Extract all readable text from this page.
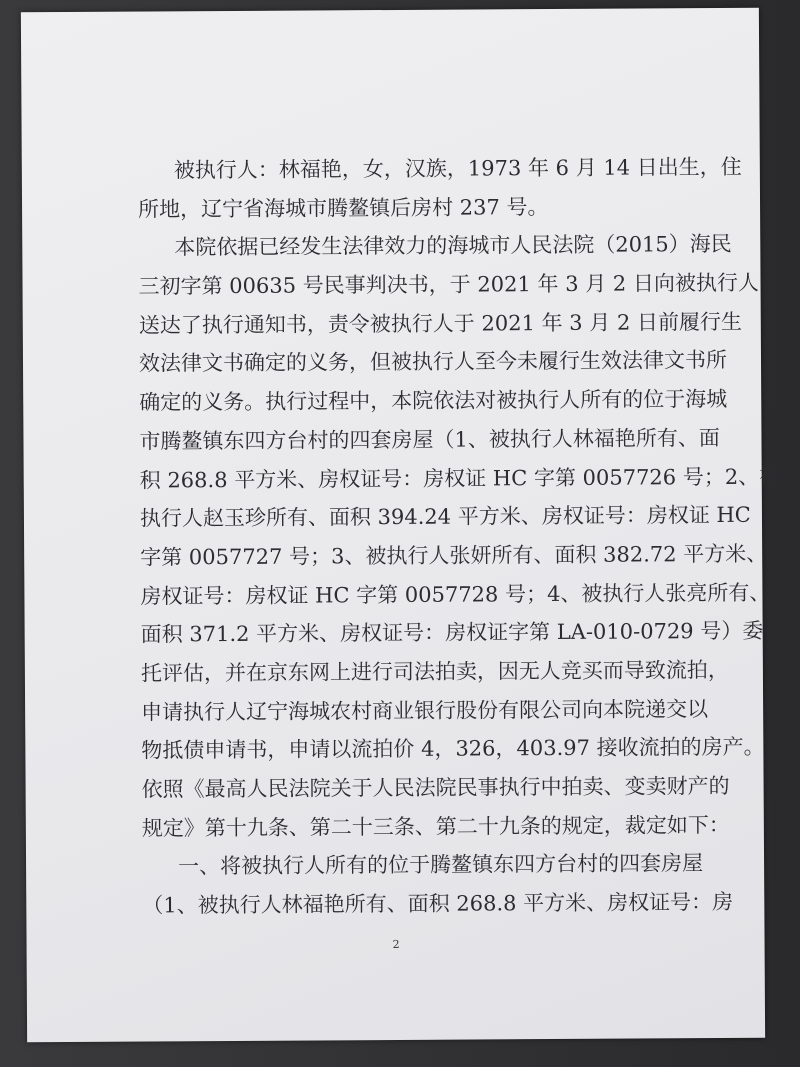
被执行人：林福艳，女，汉族，1973 年 6 月 14 日出生，住
所地，辽宁省海城市腾鳌镇后房村 237 号。
本院依据已经发生法律效力的海城市人民法院（2015）海民
三初字第 00635 号民事判决书，于 2021 年 3 月 2 日向被执行人
送达了执行通知书，责令被执行人于 2021 年 3 月 2 日前履行生
效法律文书确定的义务，但被执行人至今未履行生效法律文书所
确定的义务。执行过程中，本院依法对被执行人所有的位于海城
市腾鳌镇东四方台村的四套房屋（1、被执行人林福艳所有、面
积 268.8 平方米、房权证号：房权证 HC 字第 0057726 号；2、被
执行人赵玉珍所有、面积 394.24 平方米、房权证号：房权证 HC
字第 0057727 号；3、被执行人张妍所有、面积 382.72 平方米、
房权证号：房权证 HC 字第 0057728 号；4、被执行人张亮所有、
面积 371.2 平方米、房权证号：房权证字第 LA-010-0729 号）委
托评估，并在京东网上进行司法拍卖，因无人竞买而导致流拍，
申请执行人辽宁海城农村商业银行股份有限公司向本院递交以
物抵债申请书，申请以流拍价 4，326，403.97 接收流拍的房产。
依照《最高人民法院关于人民法院民事执行中拍卖、变卖财产的
规定》第十九条、第二十三条、第二十九条的规定，裁定如下：
一、将被执行人所有的位于腾鳌镇东四方台村的四套房屋
（1、被执行人林福艳所有、面积 268.8 平方米、房权证号：房
2
